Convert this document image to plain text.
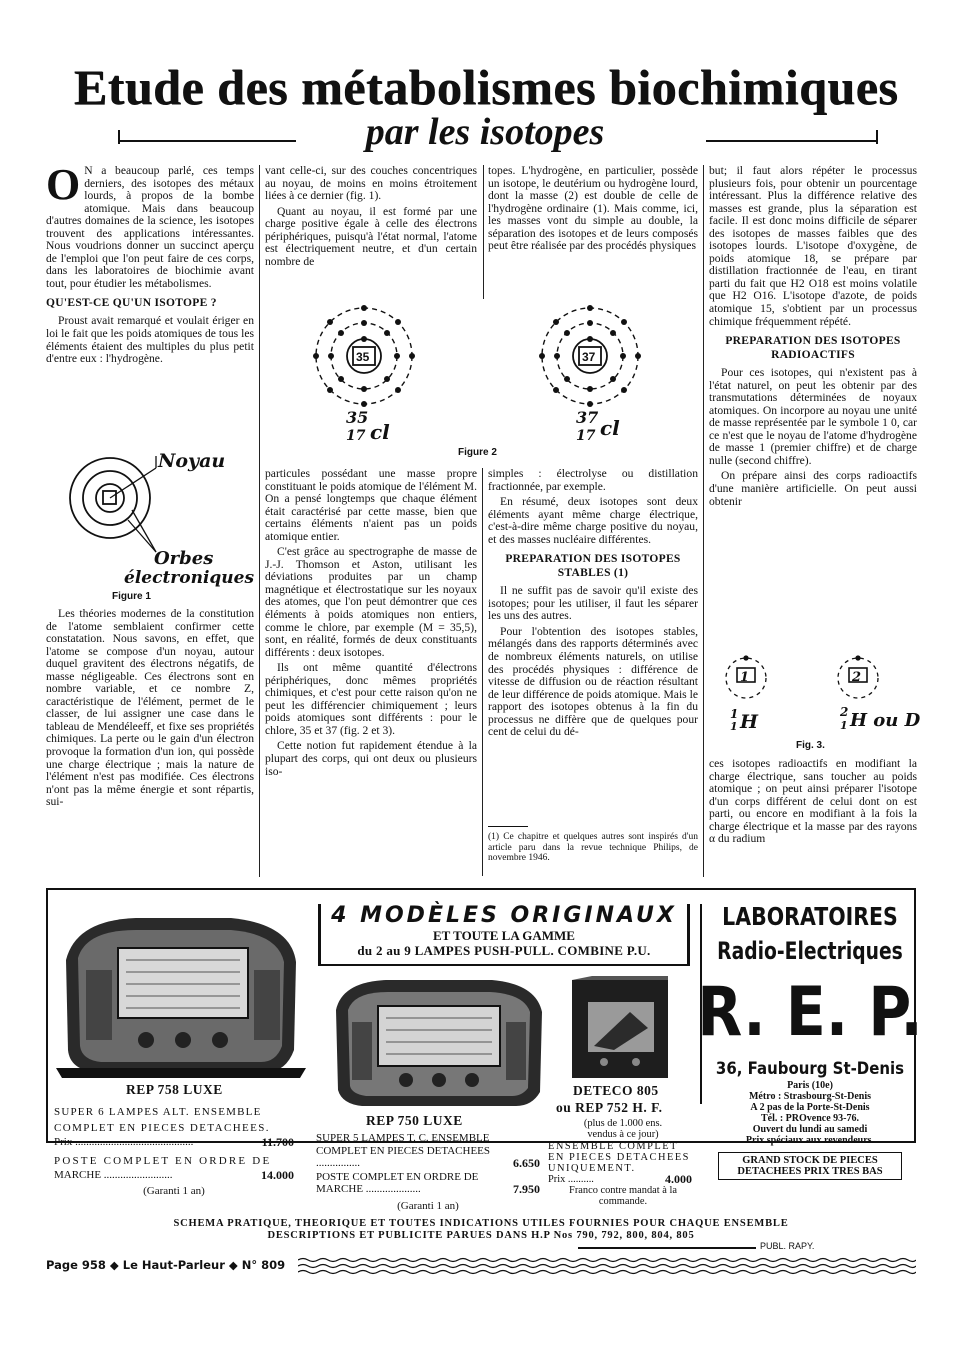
Etude des métabolismes biochimiques
par les isotopes

O N a beaucoup parlé, ces temps derniers, des isotopes des métaux lourds, à propos de la bombe atomique. Mais dans beaucoup d'autres domaines de la science, les isotopes trouvent des applications intéressantes. Nous voudrions donner un succinct aperçu de l'emploi que l'on peut faire de ces corps, dans les laboratoires de biochimie avant tout, pour étudier les métabolismes.

QU'EST-CE QU'UN ISOTOPE ?

Proust avait remarqué et voulait ériger en loi le fait que les poids atomiques de tous les éléments étaient des multiples du plus petit d'entre eux : l'hydrogène.

Noyau
Orbes
électroniques
Figure 1

Les théories modernes de la constitution de l'atome semblaient confirmer cette constatation. Nous savons, en effet, que l'atome se compose d'un noyau, autour duquel gravitent des électrons négatifs, de masse négligeable. Ces électrons sont en nombre variable, et ce nombre Z, caractéristique de l'élément, permet de le classer, de lui assigner une case dans le tableau de Mendéleeff, et fixe ses propriétés chimiques. La perte ou le gain d'un électron provoque la formation d'un ion, qui possède une charge électrique ; mais la nature de l'élément n'est pas modifiée. Ces électrons n'ont pas la même énergie et sont répartis, sui-

vant celle-ci, sur des couches concentriques au noyau, de moins en moins étroitement liées à ce dernier (fig. 1).

Quant au noyau, il est formé par une charge positive égale à celle des électrons périphériques, puisqu'à l'état normal, l'atome est électriquement neutre, et d'un certain nombre de

topes. L'hydrogène, en particulier, possède un isotope, le deutérium ou hydrogène lourd, dont la masse (2) est double de celle de l'hydrogène ordinaire (1). Mais comme, ici, les masses vont du simple au double, la séparation des isotopes et de leurs composés peut être réalisée par des procédés physiques

35	37
35
17 cl
37
17 cl
Figure 2

particules possédant une masse propre constituant le poids atomique de l'élément M. On a pensé longtemps que chaque élément était caractérisé par cette masse, bien que certains éléments n'aient pas un poids atomique entier.

C'est grâce au spectrographe de masse de J.-J. Thomson et Aston, utilisant les déviations produites par un champ magnétique et électrostatique sur les noyaux des atomes, que l'on peut démontrer que ces éléments à poids atomiques non entiers, comme le chlore, par exemple (M = 35,5), sont, en réalité, formés de deux constituants différents : deux isotopes.

Ils ont même quantité d'électrons périphériques, donc mêmes propriétés chimiques, et c'est pour cette raison qu'on ne peut les différencier chimiquement ; leurs poids atomiques sont différents : pour le chlore, 35 et 37 (fig. 2 et 3).

Cette notion fut rapidement étendue à la plupart des corps, qui ont deux ou plusieurs iso-

simples : électrolyse ou distillation fractionnée, par exemple.

En résumé, deux isotopes sont deux éléments ayant même charge électrique, c'est-à-dire même charge positive du noyau, et des masses nucléaire différentes.

PREPARATION DES ISOTOPES STABLES (1)

Il ne suffit pas de savoir qu'il existe des isotopes; pour les utiliser, il faut les séparer les uns des autres.

Pour l'obtention des isotopes stables, mélangés dans des rapports déterminés avec de nombreux éléments naturels, on utilise des procédés physiques : différence de vitesse de diffusion ou de réaction résultant de leur différence de poids atomique. Mais le rapport des isotopes obtenus à la fin du processus ne diffère que de quelques pour cent de celui du dé-

(1) Ce chapitre et quelques autres sont inspirés d'un article paru dans la revue technique Philips, de novembre 1946.

but; il faut alors répéter le processus plusieurs fois, pour obtenir un pourcentage intéressant. Plus la différence relative des masses est grande, plus la séparation est facile. Il est donc moins difficile de séparer des isotopes de masses faibles que des isotopes lourds. L'isotope d'oxygène, de poids atomique 18, se prépare par distillation fractionnée de l'eau, en tirant parti du fait que H2 O18 est moins volatile que H2 O16. L'isotope d'azote, de poids atomique 15, s'obtient par un processus chimique fréquemment répété.

PREPARATION DES ISOTOPES RADIOACTIFS

Pour ces isotopes, qui n'existent pas à l'état naturel, on peut les obtenir par des transmutations déterminées de noyaux atomiques. On incorpore au noyau une unité de masse représentée par le symbole 1 0, car ce n'est que le noyau de l'atome d'hydrogène de masse 1 (premier chiffre) et de charge nulle (second chiffre).

On prépare ainsi des corps radioactifs d'une manière artificielle. On peut aussi obtenir

1	2
1
1 H	2
1 H ou D
Fig. 3.

ces isotopes radioactifs en modifiant la charge électrique, sans toucher au poids atomique ; on peut ainsi préparer l'isotope d'un corps différent de celui dont on est parti, ou encore en modifiant à la fois la charge électrique et la masse par des rayons α du radium

4 MODÈLES ORIGINAUX
ET TOUTE LA GAMME
du 2 au 9 LAMPES PUSH-PULL. COMBINE P.U.
REP 758 LUXE
SUPER 6 LAMPES ALT. ENSEMBLE
COMPLET EN PIECES DETACHEES.
Prix ...........................................	11.700
POSTE COMPLET EN ORDRE DE
MARCHE .........................	14.000
(Garanti 1 an)
REP 750 LUXE
SUPER 5 LAMPES T. C. ENSEMBLE COMPLET EN PIECES DETACHEES ................	6.650
POSTE COMPLET EN ORDRE DE MARCHE ....................	7.950
(Garanti 1 an)
DETECO 805
ou REP 752 H. F.
(plus de 1.000 ens. vendus à ce jour)
ENSEMBLE COMPLET EN PIECES DETACHEES UNIQUEMENT.
Prix ..........	4.000
Franco contre mandat à la commande.
LABORATOIRES
Radio-Electriques
R. E. P.
36, Faubourg St-Denis
Paris (10e)
Métro : Strasbourg-St-Denis
A 2 pas de la Porte-St-Denis
Tél. : PROvence 93-76.
Ouvert du lundi au samedi
Prix spéciaux aux revendeurs.
GRAND STOCK DE PIECES DETACHEES PRIX TRES BAS
SCHEMA PRATIQUE, THEORIQUE ET TOUTES INDICATIONS UTILES FOURNIES POUR CHAQUE ENSEMBLE
DESCRIPTIONS ET PUBLICITE PARUES DANS H.P Nos 790, 792, 800, 804, 805
PUBL. RAPY.
Page 958 ◆ Le Haut-Parleur ◆ N° 809
